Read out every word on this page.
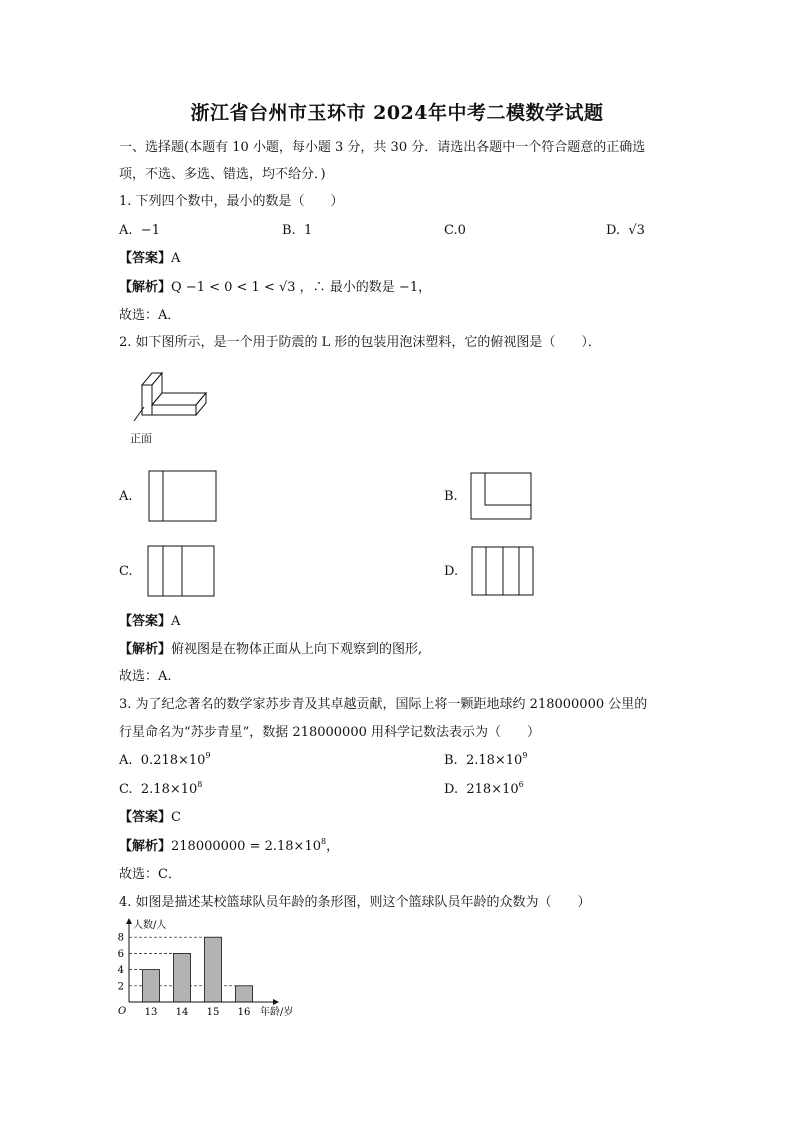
浙江省台州市玉环市 2024年中考二模数学试题
一、选择题(本题有 10 小题，每小题 3 分，共 30 分．请选出各题中一个符合题意的正确选
项，不选、多选、错选，均不给分．)
1. 下列四个数中，最小的数是（　　）
A. −1	B. 1	C.0	D. √3
【答案】A
【解析】Q −1 < 0 < 1 < √3 ，∴ 最小的数是 −1，
故选：A．
2. 如下图所示，是一个用于防震的 L 形的包装用泡沫塑料，它的俯视图是（　　）．
正面
A.	B.
C.	D.
【答案】A
【解析】俯视图是在物体正面从上向下观察到的图形,
故选：A.
3. 为了纪念著名的数学家苏步青及其卓越贡献，国际上将一颗距地球约 218000000 公里的
行星命名为“苏步青星”，数据 218000000 用科学记数法表示为（　　）
A. $0.218\times 10^9$	B. $2.18\times 10^9$
C. $2.18\times 10^8$	D. $218\times 10^6$
【答案】C
【解析】$218000000 = 2.18\times 10^8$，
故选：C．
4. 如图是描述某校篮球队员年龄的条形图，则这个篮球队员年龄的众数为（　　）
2
4
6
8
13 14 15 16
人数/人
年龄/岁
O
